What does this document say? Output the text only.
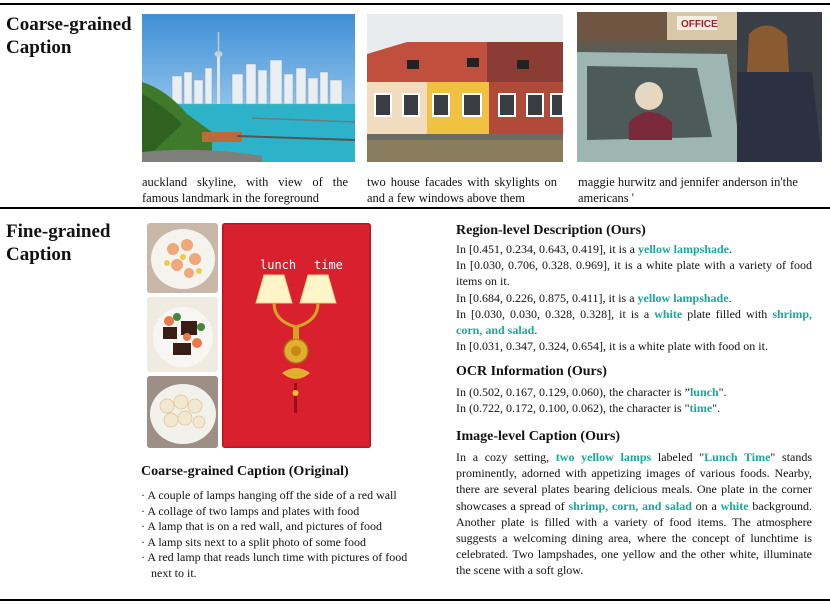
Coarse-grained
Caption
OFFICE
auckland skyline, with view of the famous landmark in the foreground
two house facades with skylights on and a few windows above them
maggie hurwitz and jennifer anderson in'the americans '
Fine-grained
Caption	lunch time
Coarse-grained Caption (Original)
· A couple of lamps hanging off the side of a red wall
· A collage of two lamps and plates with food
· A lamp that is on a red wall, and pictures of food
· A lamp sits next to a split photo of some food
· A red lamp that reads lunch time with pictures of food next to it.
Region-level Description (Ours)

In [0.451, 0.234, 0.643, 0.419], it is a yellow lampshade.

In [0.030, 0.706, 0.328. 0.969], it is a white plate with a variety of food items on it.

In [0.684, 0.226, 0.875, 0.411], it is a yellow lampshade.

In [0.030, 0.030, 0.328, 0.328], it is a white plate filled with shrimp, corn, and salad.

In [0.031, 0.347, 0.324, 0.654], it is a white plate with food on it.

OCR Information (Ours)

In (0.502, 0.167, 0.129, 0.060), the character is ”lunch".

In (0.722, 0.172, 0.100, 0.062), the character is "time".

Image-level Caption (Ours)

In a cozy setting, two yellow lamps labeled "Lunch Time" stands prominently, adorned with appetizing images of various foods. Nearby, there are several plates bearing delicious meals. One plate in the corner showcases a spread of shrimp, corn, and salad on a white background. Another plate is filled with a variety of food items. The atmosphere suggests a welcoming dining area, where the concept of lunchtime is celebrated. Two lampshades, one yellow and the other white, illuminate the scene with a soft glow.
